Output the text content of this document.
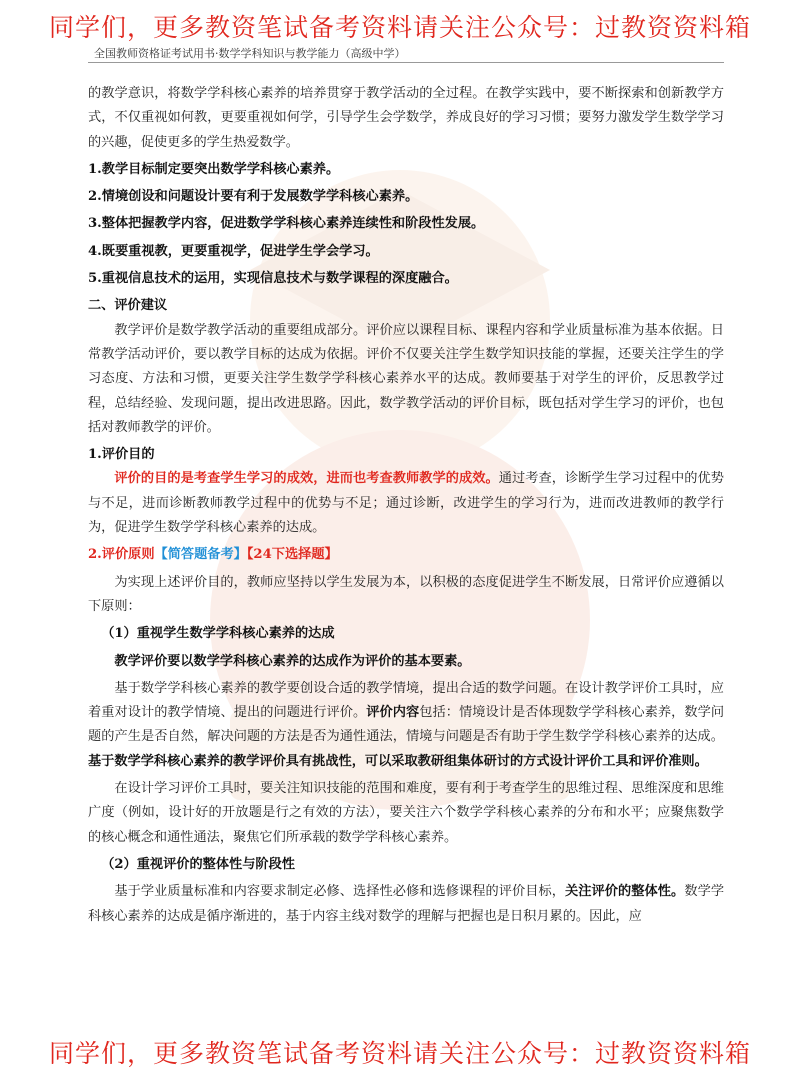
同学们，更多教资笔试备考资料请关注公众号：过教资资料箱
全国教师资格证考试用书·数学学科知识与教学能力（高级中学）

的教学意识，将数学学科核心素养的培养贯穿于教学活动的全过程。在教学实践中，要不断探索和创新教学方式，不仅重视如何教，更要重视如何学，引导学生会学数学，养成良好的学习习惯；要努力激发学生数学学习的兴趣，促使更多的学生热爱数学。

1.教学目标制定要突出数学学科核心素养。

2.情境创设和问题设计要有利于发展数学学科核心素养。

3.整体把握教学内容，促进数学学科核心素养连续性和阶段性发展。

4.既要重视教，更要重视学，促进学生学会学习。

5.重视信息技术的运用，实现信息技术与数学课程的深度融合。

二、评价建议

教学评价是数学教学活动的重要组成部分。评价应以课程目标、课程内容和学业质量标准为基本依据。日常教学活动评价，要以教学目标的达成为依据。评价不仅要关注学生数学知识技能的掌握，还要关注学生的学习态度、方法和习惯，更要关注学生数学学科核心素养水平的达成。教师要基于对学生的评价，反思教学过程，总结经验、发现问题，提出改进思路。因此，数学教学活动的评价目标，既包括对学生学习的评价，也包括对教师教学的评价。

1.评价目的

评价的目的是考查学生学习的成效，进而也考查教师教学的成效。通过考查，诊断学生学习过程中的优势与不足，进而诊断教师教学过程中的优势与不足；通过诊断，改进学生的学习行为，进而改进教师的教学行为，促进学生数学学科核心素养的达成。

2.评价原则【简答题备考】【24下选择题】

为实现上述评价目的，教师应坚持以学生发展为本，以积极的态度促进学生不断发展，日常评价应遵循以下原则：

（1）重视学生数学学科核心素养的达成

教学评价要以数学学科核心素养的达成作为评价的基本要素。

基于数学学科核心素养的教学要创设合适的教学情境，提出合适的数学问题。在设计教学评价工具时，应着重对设计的教学情境、提出的问题进行评价。评价内容包括：情境设计是否体现数学学科核心素养，数学问题的产生是否自然，解决问题的方法是否为通性通法，情境与问题是否有助于学生数学学科核心素养的达成。基于数学学科核心素养的教学评价具有挑战性，可以采取教研组集体研讨的方式设计评价工具和评价准则。

在设计学习评价工具时，要关注知识技能的范围和难度，要有利于考查学生的思维过程、思维深度和思维广度（例如，设计好的开放题是行之有效的方法），要关注六个数学学科核心素养的分布和水平；应聚焦数学的核心概念和通性通法，聚焦它们所承载的数学学科核心素养。

（2）重视评价的整体性与阶段性

基于学业质量标准和内容要求制定必修、选择性必修和选修课程的评价目标，关注评价的整体性。数学学科核心素养的达成是循序渐进的，基于内容主线对数学的理解与把握也是日积月累的。因此，应

同学们，更多教资笔试备考资料请关注公众号：过教资资料箱
